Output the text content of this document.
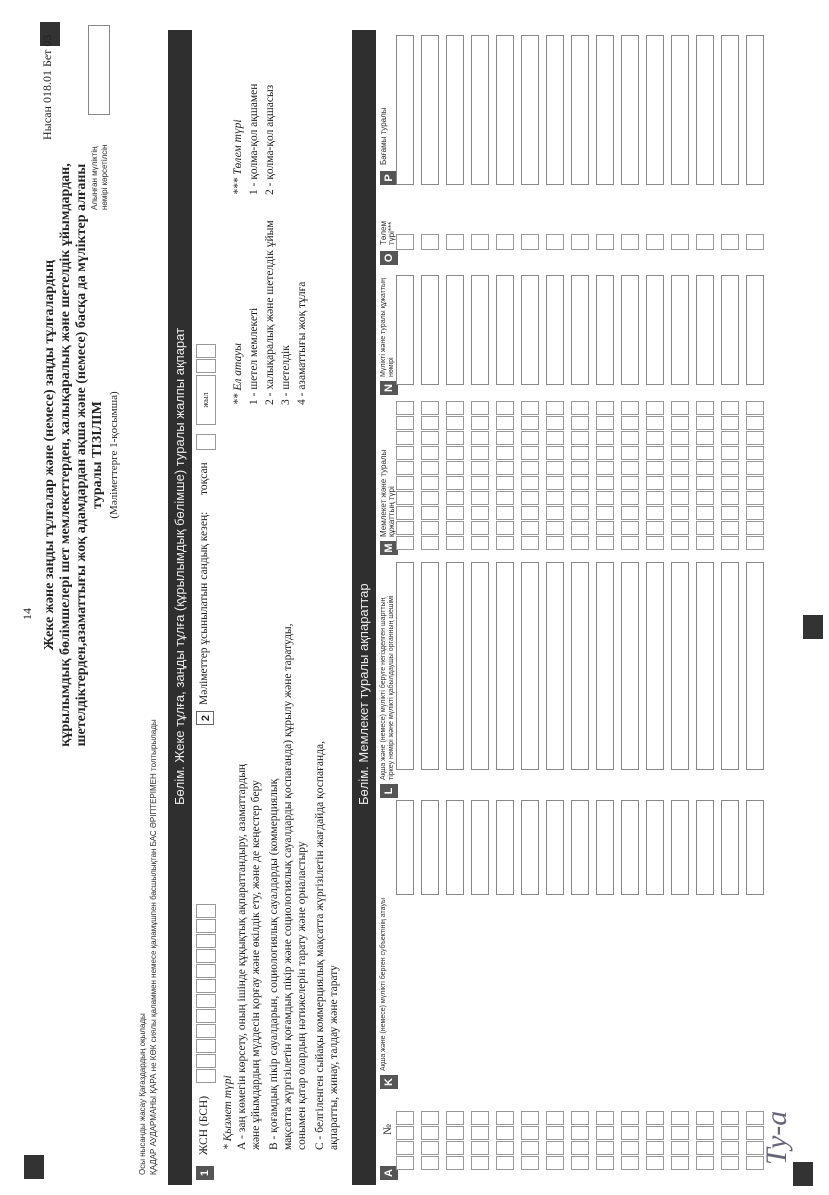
14
Нысан 018.01 Бет 03
Жеке және заңды тұлғалар және (немесе) заңды тұлғалардың құрылымдық бөлімшелері шет мемлекеттерден, халықаралық және шетелдік ұйымдардан, шетелдіктерден,азаматтығы жоқ адамдардан ақша және (немесе) басқа да мүліктер алғаны туралы ТІЗІЛІМ (Мәліметтерге 1-қосымша)
Алынған мүліктің нөмірі көрсетілсін
Осы нысанды жасау Қағаздардың оқылады ҚАДАР АУДАРМАНЫ ҚАРА не КӨК сиялы қаламмен немесе қаламұшпен басшылықтан БАС ӘРІПТЕРІМЕН толтырылады
Бөлім. Жеке тұлға, заңды тұлға (құрылымдық бөлімше) туралы жалпы ақпарат
1
ЖСН (БСН)
2
Мәліметтер ұсынылатын сандық кезең:
тоқсан
жыл
* Қызмет түрі А - заң көмегін көрсету, оның ішінде құқықтық ақпараттандыру, азаматтардың және ұйымдардың мүддесін қорғау және өкілдік ету, және де кеңестер беру В - қоғамдық пікір сауалдарын, социологиялық сауалдарды (коммерциялық мақсатта жүргізілетін қоғамдық пікір және социологиялық сауалдарды қоспағанда) құрылу және таратуды, сонымен қатар олардың нәтижелерін тарату және орналастыру С - белгіленген сыйақы коммерциялық мақсатта жүргізілетін жағдайда қоспағанда, ақпаратты, жинау, талдау және тарату
** Ел атауы 1 - шетел мемлекеті 2 - халықаралық және шетелдік ұйым 3 - шетелдік 4 - азаматтығы жоқ тұлға
*** Төлем түрі 1 - қолма-қол ақшамен 2 - қолма-қол ақшасыз
Бөлім. Мемлекет туралы ақпараттар
А
№
K
Ақша және (немесе) мүлікті берген субъектінің атауы
L
Ақша және (немесе) мүлікті беруге негізделген шарттың тіркеу нөмірі және мүлікті қабылдаушы органның шешімі
M
Мемлекет және туралы құжаттың түрі
N
Мүлікті және туралы құжаттың нөмірі
O
Төлем түрі***
P
Бағамы туралы
Ту-а
